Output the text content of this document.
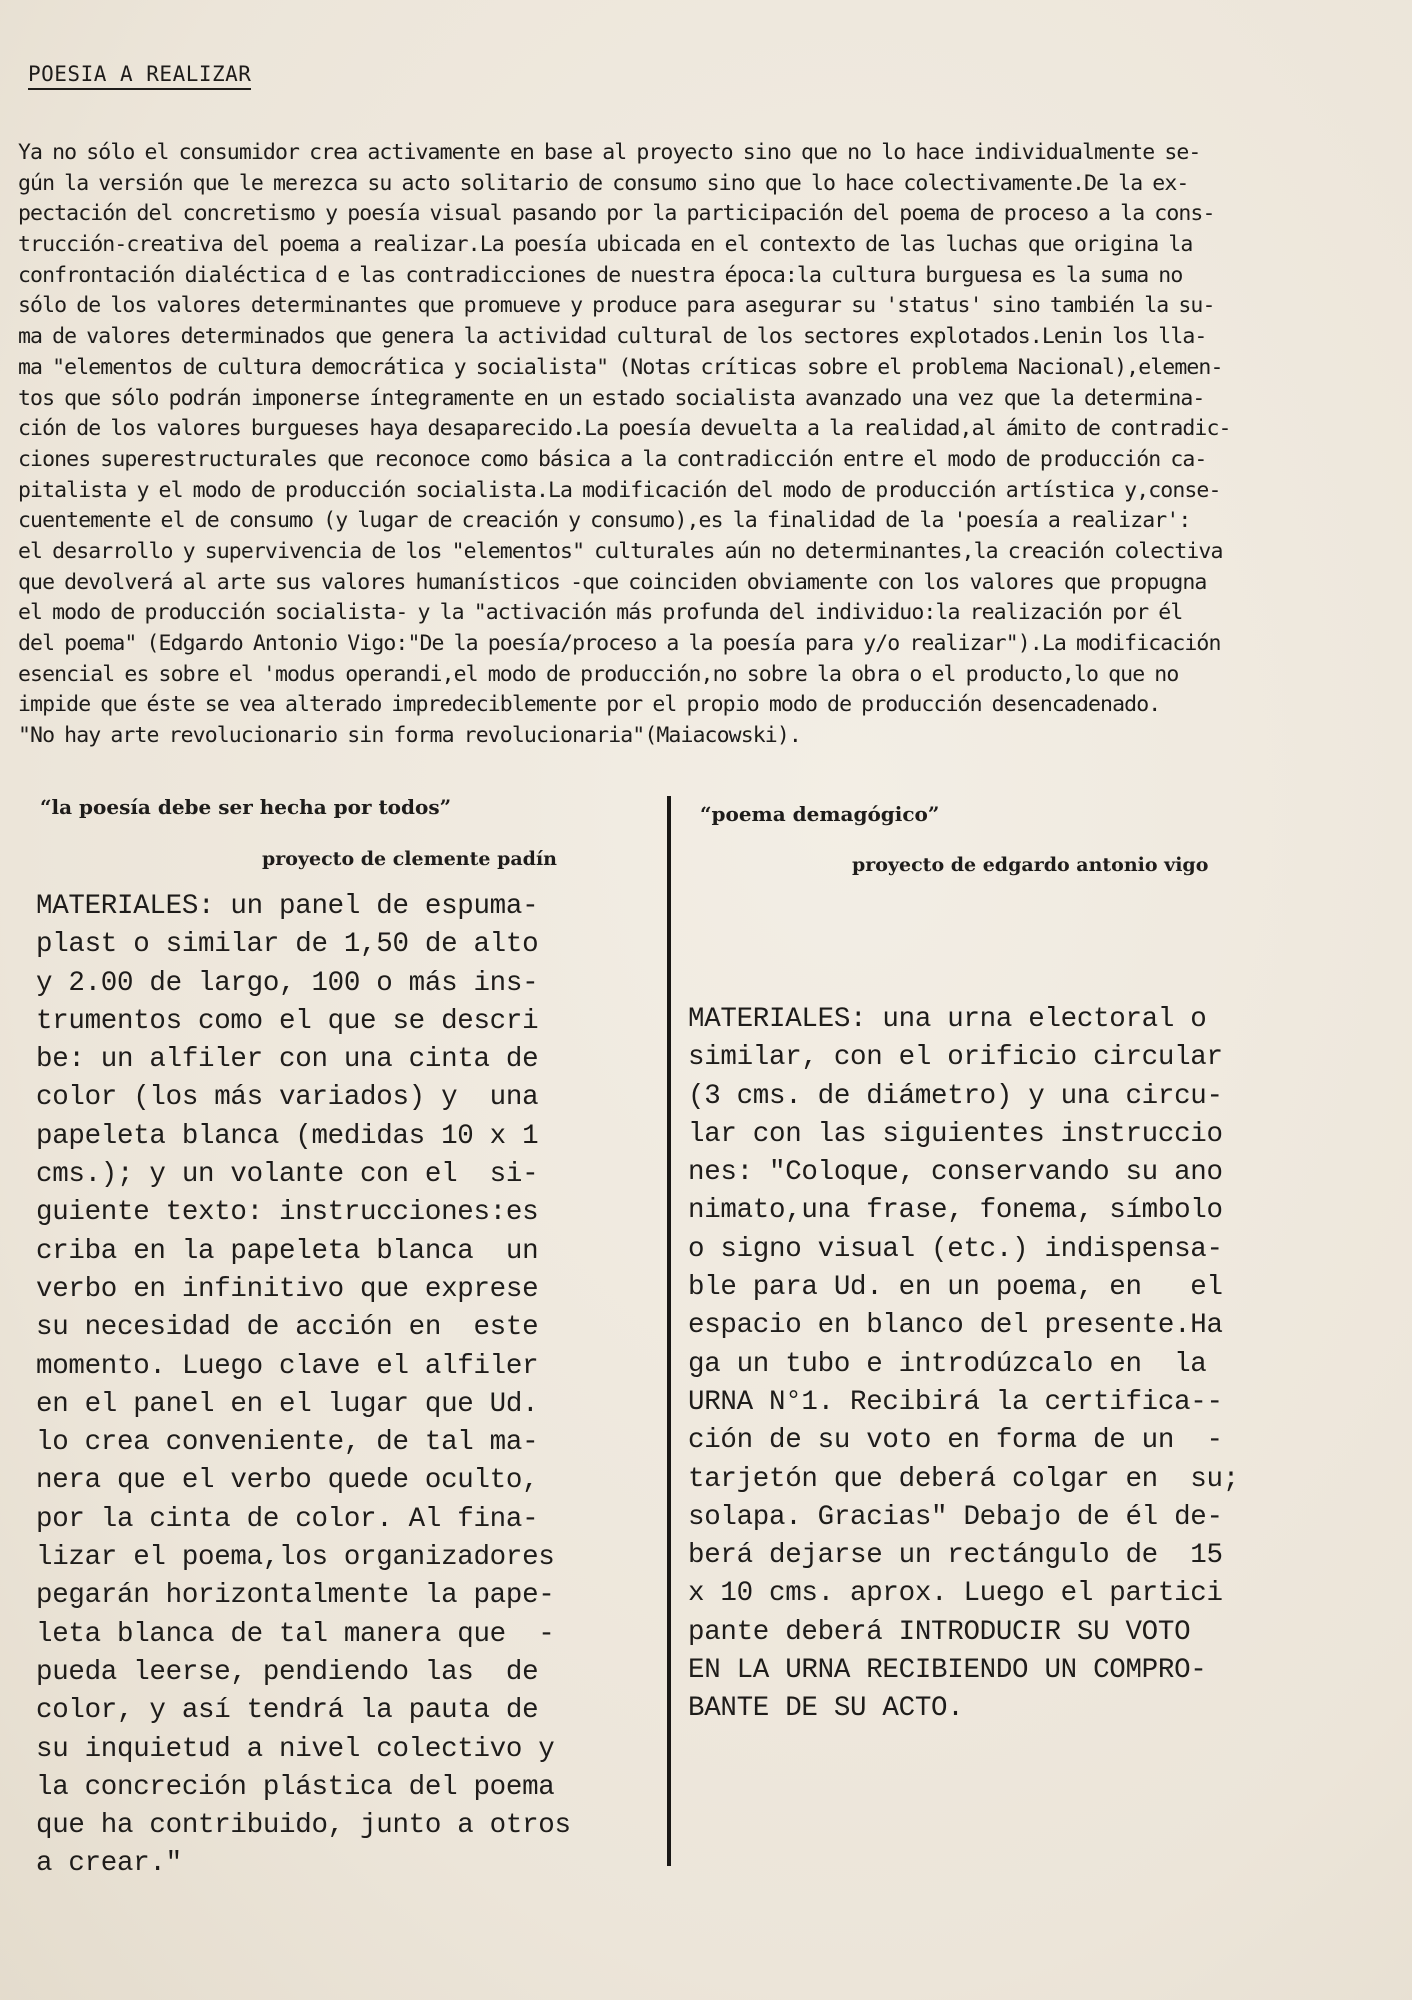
POESIA A REALIZAR
Ya no sólo el consumidor crea activamente en base al proyecto sino que no lo hace individualmente se-
gún la versión que le merezca su acto solitario de consumo sino que lo hace colectivamente.De la ex-
pectación del concretismo y poesía visual pasando por la participación del poema de proceso a la cons-
trucción-creativa del poema a realizar.La poesía ubicada en el contexto de las luchas que origina la
confrontación dialéctica d e las contradicciones de nuestra época:la cultura burguesa es la suma no
sólo de los valores determinantes que promueve y produce para asegurar su 'status' sino también la su-
ma de valores determinados que genera la actividad cultural de los sectores explotados.Lenin los lla-
ma "elementos de cultura democrática y socialista" (Notas críticas sobre el problema Nacional),elemen-
tos que sólo podrán imponerse íntegramente en un estado socialista avanzado una vez que la determina-
ción de los valores burgueses haya desaparecido.La poesía devuelta a la realidad,al ámito de contradic-
ciones superestructurales que reconoce como básica a la contradicción entre el modo de producción ca-
pitalista y el modo de producción socialista.La modificación del modo de producción artística y,conse-
cuentemente el de consumo (y lugar de creación y consumo),es la finalidad de la 'poesía a realizar':
el desarrollo y supervivencia de los "elementos" culturales aún no determinantes,la creación colectiva
que devolverá al arte sus valores humanísticos -que coinciden obviamente con los valores que propugna
el modo de producción socialista- y la "activación más profunda del individuo:la realización por él
del poema" (Edgardo Antonio Vigo:"De la poesía/proceso a la poesía para y/o realizar").La modificación
esencial es sobre el 'modus operandi,el modo de producción,no sobre la obra o el producto,lo que no
impide que éste se vea alterado impredeciblemente por el propio modo de producción desencadenado.
"No hay arte revolucionario sin forma revolucionaria"(Maiacowski).
“la poesía debe ser hecha por todos”
proyecto de clemente padín
MATERIALES: un panel de espuma-
plast o similar de 1,50 de alto
y 2.00 de largo, 100 o más ins-
trumentos como el que se descri
be: un alfiler con una cinta de
color (los más variados) y  una
papeleta blanca (medidas 10 x 1
cms.); y un volante con el  si-
guiente texto: instrucciones:es
criba en la papeleta blanca  un
verbo en infinitivo que exprese
su necesidad de acción en  este
momento. Luego clave el alfiler
en el panel en el lugar que Ud.
lo crea conveniente, de tal ma-
nera que el verbo quede oculto,
por la cinta de color. Al fina-
lizar el poema,los organizadores
pegarán horizontalmente la pape-
leta blanca de tal manera que  -
pueda leerse, pendiendo las  de
color, y así tendrá la pauta de
su inquietud a nivel colectivo y
la concreción plástica del poema
que ha contribuido, junto a otros
a crear."
“poema demagógico”
proyecto de edgardo antonio vigo
MATERIALES: una urna electoral o
similar, con el orificio circular
(3 cms. de diámetro) y una circu-
lar con las siguientes instruccio
nes: "Coloque, conservando su ano
nimato,una frase, fonema, símbolo
o signo visual (etc.) indispensa-
ble para Ud. en un poema, en   el
espacio en blanco del presente.Ha
ga un tubo e introdúzcalo en  la
URNA N°1. Recibirá la certifica--
ción de su voto en forma de un  -
tarjetón que deberá colgar en  su;
solapa. Gracias" Debajo de él de-
berá dejarse un rectángulo de  15
x 10 cms. aprox. Luego el partici
pante deberá INTRODUCIR SU VOTO
EN LA URNA RECIBIENDO UN COMPRO-
BANTE DE SU ACTO.
